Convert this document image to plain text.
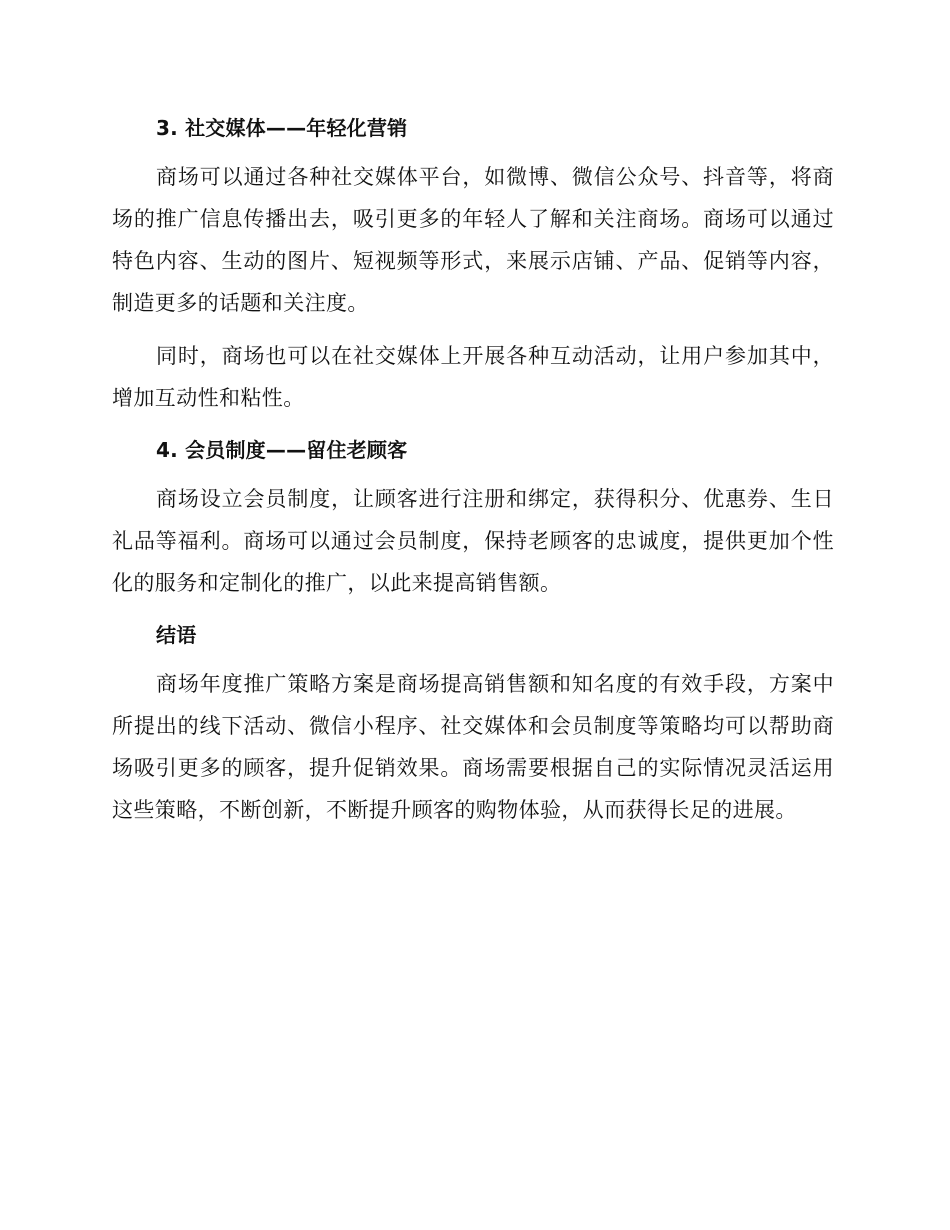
3. 社交媒体——年轻化营销

商场可以通过各种社交媒体平台，如微博、微信公众号、抖音等，将商场的推广信息传播出去，吸引更多的年轻人了解和关注商场。商场可以通过特色内容、生动的图片、短视频等形式，来展示店铺、产品、促销等内容，制造更多的话题和关注度。

同时，商场也可以在社交媒体上开展各种互动活动，让用户参加其中，增加互动性和粘性。

4. 会员制度——留住老顾客

商场设立会员制度，让顾客进行注册和绑定，获得积分、优惠券、生日礼品等福利。商场可以通过会员制度，保持老顾客的忠诚度，提供更加个性化的服务和定制化的推广，以此来提高销售额。

结语

商场年度推广策略方案是商场提高销售额和知名度的有效手段，方案中所提出的线下活动、微信小程序、社交媒体和会员制度等策略均可以帮助商场吸引更多的顾客，提升促销效果。商场需要根据自己的实际情况灵活运用这些策略，不断创新，不断提升顾客的购物体验，从而获得长足的进展。
